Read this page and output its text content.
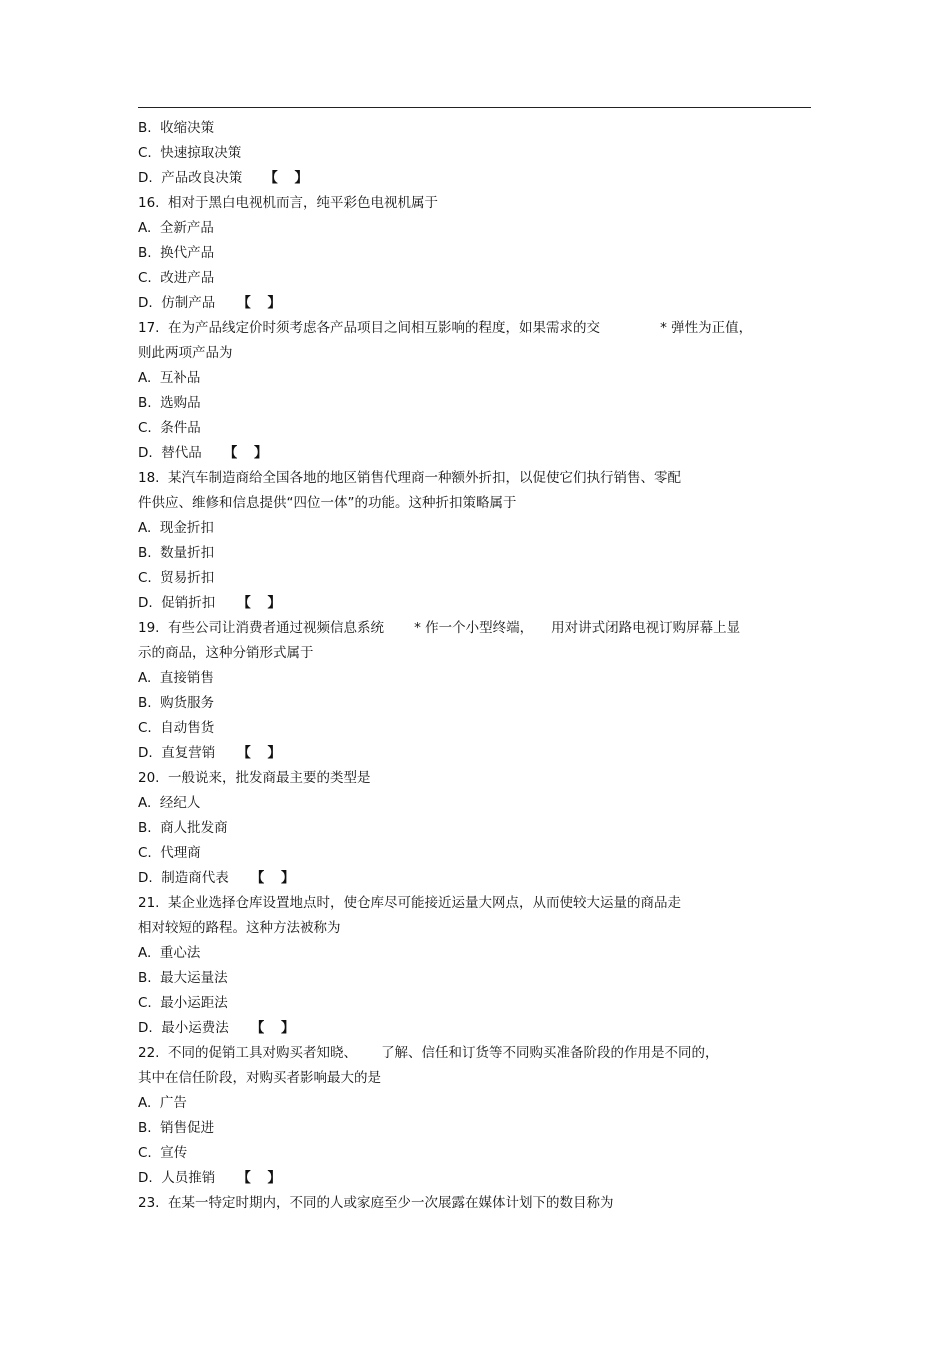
B.  收缩决策
C.  快速掠取决策
D.  产品改良决策 【 】
16.  相对于黑白电视机而言，纯平彩色电视机属于
A.  全新产品
B.  换代产品
C.  改进产品
D.  仿制产品 【 】
17.  在为产品线定价时须考虑各产品项目之间相互影响的程度，如果需求的交	* 弹性为正值，
则此两项产品为
A.  互补品
B.  选购品
C.  条件品
D.  替代品 【 】
18.  某汽车制造商给全国各地的地区销售代理商一种额外折扣，以促使它们执行销售、零配
件供应、维修和信息提供“四位一体”的功能。这种折扣策略属于
A.  现金折扣
B.  数量折扣
C.  贸易折扣
D.  促销折扣 【 】
19.  有些公司让消费者通过视频信息系统 * 作一个小型终端， 用对讲式闭路电视订购屏幕上显
示的商品，这种分销形式属于
A.  直接销售
B.  购货服务
C.  自动售货
D.  直复营销 【 】
20.  一般说来，批发商最主要的类型是
A.  经纪人
B.  商人批发商
C.  代理商
D.  制造商代表 【 】
21.  某企业选择仓库设置地点时，使仓库尽可能接近运量大网点，从而使较大运量的商品走
相对较短的路程。这种方法被称为
A.  重心法
B.  最大运量法
C.  最小运距法
D.  最小运费法 【 】
22.  不同的促销工具对购买者知晓、 了解、信任和订货等不同购买准备阶段的作用是不同的，
其中在信任阶段，对购买者影响最大的是
A.  广告
B.  销售促进
C.  宣传
D.  人员推销 【 】
23.  在某一特定时期内，不同的人或家庭至少一次展露在媒体计划下的数目称为
